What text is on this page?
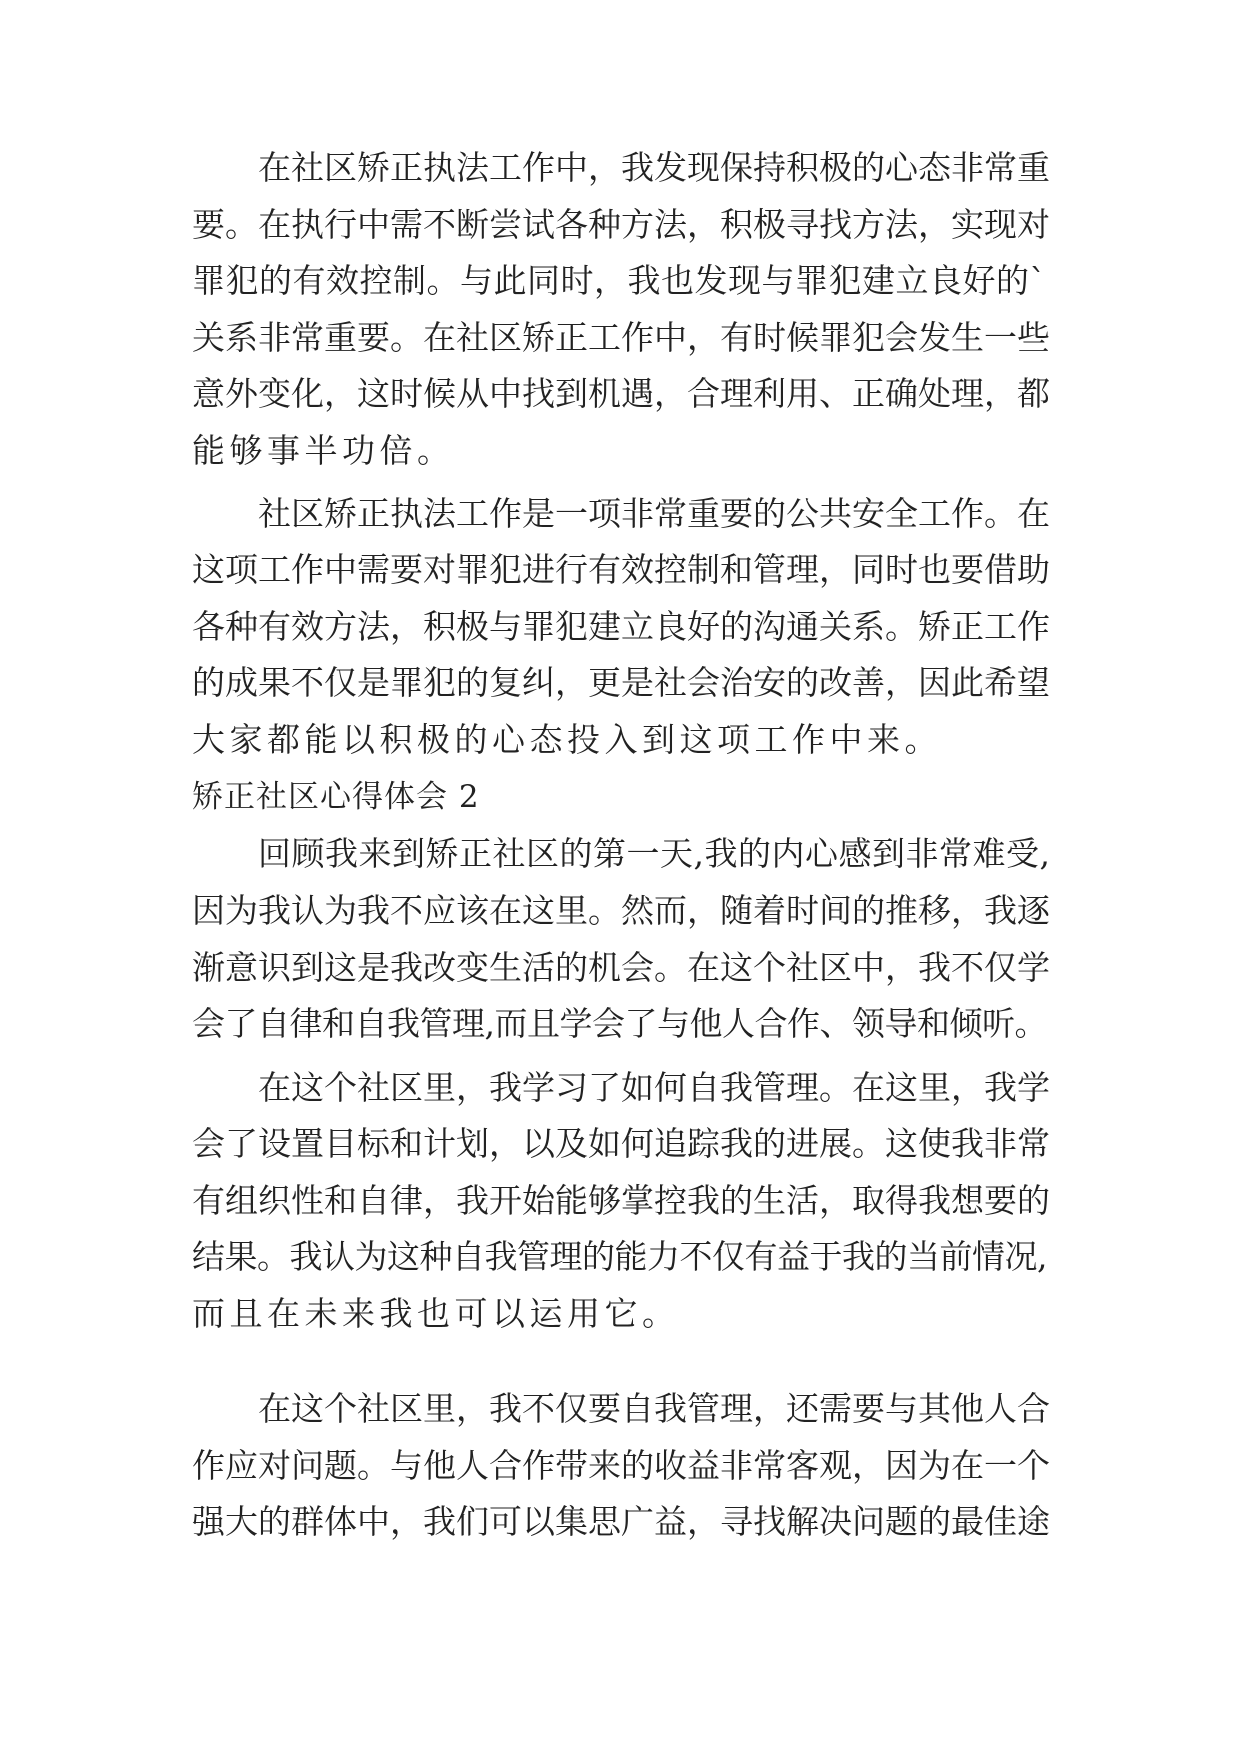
在社区矫正执法工作中，我发现保持积极的心态非常重
要。在执行中需不断尝试各种方法，积极寻找方法，实现对
罪犯的有效控制。与此同时，我也发现与罪犯建立良好的`
关系非常重要。在社区矫正工作中，有时候罪犯会发生一些
意外变化，这时候从中找到机遇，合理利用、正确处理，都
能够事半功倍。
社区矫正执法工作是一项非常重要的公共安全工作。在
这项工作中需要对罪犯进行有效控制和管理，同时也要借助
各种有效方法，积极与罪犯建立良好的沟通关系。矫正工作
的成果不仅是罪犯的复纠，更是社会治安的改善，因此希望
大家都能以积极的心态投入到这项工作中来。
矫正社区心得体会 2
回顾我来到矫正社区的第一天,我的内心感到非常难受,
因为我认为我不应该在这里。然而，随着时间的推移，我逐
渐意识到这是我改变生活的机会。在这个社区中，我不仅学
会了自律和自我管理,而且学会了与他人合作、领导和倾听。
在这个社区里，我学习了如何自我管理。在这里，我学
会了设置目标和计划，以及如何追踪我的进展。这使我非常
有组织性和自律，我开始能够掌控我的生活，取得我想要的
结果。我认为这种自我管理的能力不仅有益于我的当前情况,
而且在未来我也可以运用它。
在这个社区里，我不仅要自我管理，还需要与其他人合
作应对问题。与他人合作带来的收益非常客观，因为在一个
强大的群体中，我们可以集思广益，寻找解决问题的最佳途
